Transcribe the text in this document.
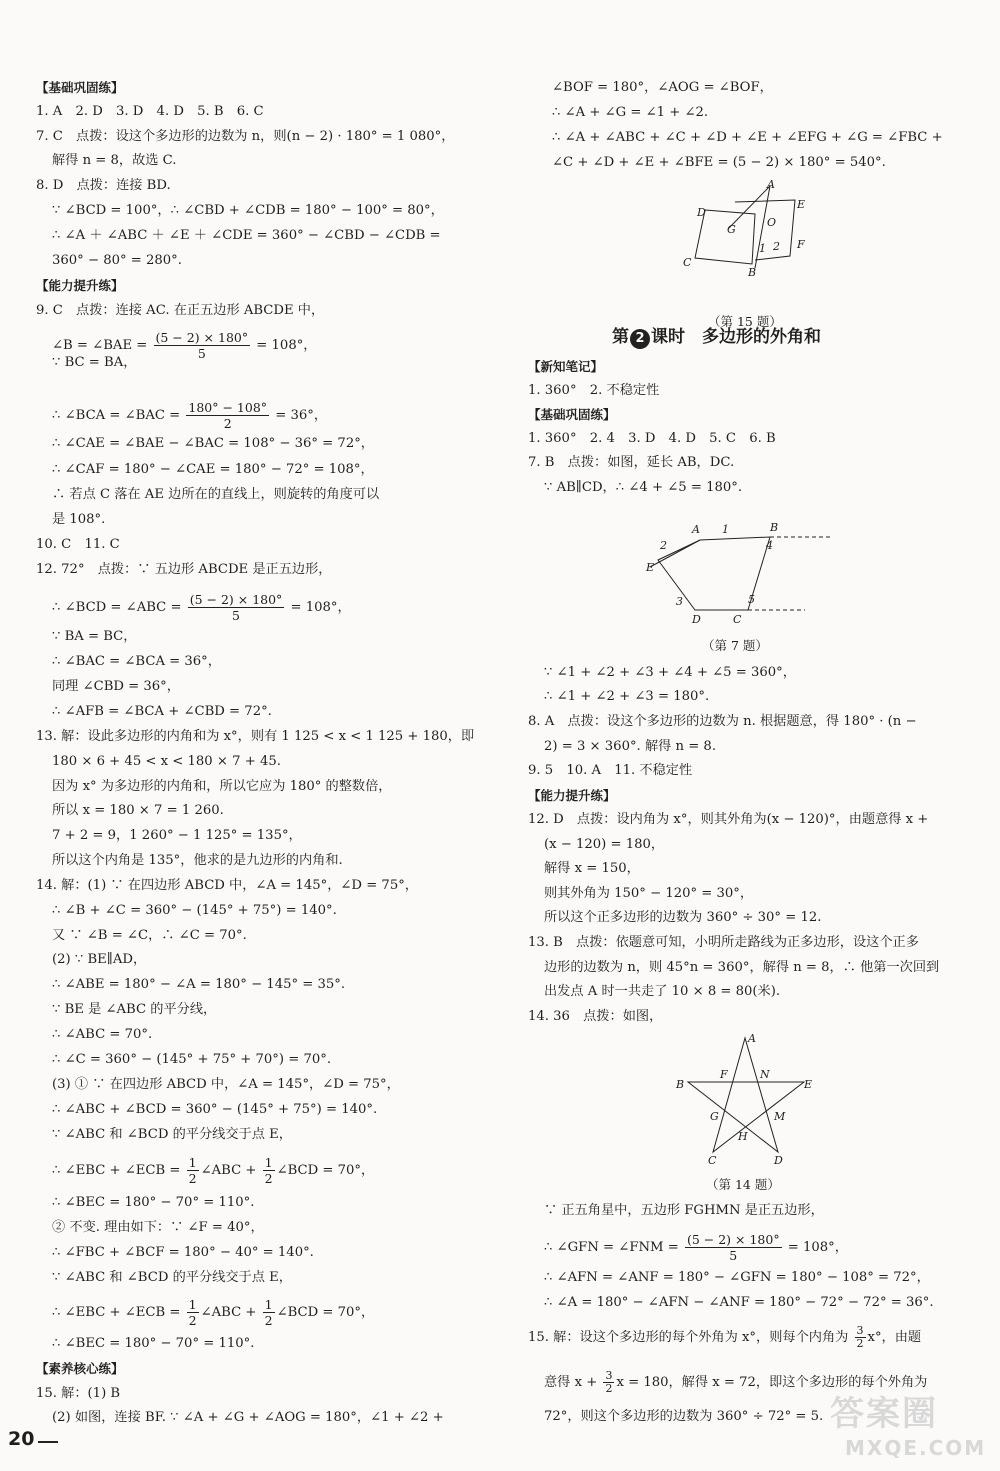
∠B = ∠BAE = $\frac{(5 - 2) \times 180^\circ}{5} = 108^\circ$，
∴ ∠BCA = ∠BAC = $\frac{180^\circ - 108^\circ}{2} = 36^\circ$，
∴ ∠BCD = ∠ABC = $\frac{(5 - 2) \times 180^\circ}{5} = 108^\circ$，
∴ ∠EBC + ∠ECB = $\frac{1}{2}$ ∠ABC + $\frac{1}{2}$ ∠BCD = 70°，
∴ ∠EBC + ∠ECB = $\frac{1}{2}$ ∠ABC + $\frac{1}{2}$ ∠BCD = 70°，
A
D
E
G
O
2
1	F
C
B
（第 15 题）
第 2 课时　多边形的外角和
A 1	B
4
2
E
3
D	C
5
（第 7 题）
A
F	N
B	E
G	M
H
C	D
（第 14 题）
∴ ∠GFN = ∠FNM = $\frac{(5 - 2) \times 180^\circ}{5} = 108^\circ$，
15. 解：设这个多边形的每个外角为 x°，则每个内角为 $\frac{3}{2} x^\circ$，由题
意得 $x + \frac{3}{2}$ x = 180，解得 x = 72，即这个多边形的每个外角为
20
答案圈
MXQE.COM
【基础巩固练】
1. A　2. D　3. D　4. D　5. B　6. C
7. C　点拨：设这个多边形的边数为 n，则(n − 2) · 180° = 1 080°，
解得 n = 8，故选 C.
8. D　点拨：连接 BD.
∵ ∠BCD = 100°，∴ ∠CBD + ∠CDB = 180° − 100° = 80°，
∴ ∠A ＋ ∠ABC ＋ ∠E ＋ ∠CDE = 360° − ∠CBD − ∠CDB =
360° − 80° = 280°.
【能力提升练】
9. C　点拨：连接 AC. 在正五边形 ABCDE 中，
∵ BC = BA，
∴ ∠CAE = ∠BAE − ∠BAC = 108° − 36° = 72°，
∴ ∠CAF = 180° − ∠CAE = 180° − 72° = 108°，
∴ 若点 C 落在 AE 边所在的直线上，则旋转的角度可以
是 108°.
10. C　11. C
12. 72°　点拨：∵ 五边形 ABCDE 是正五边形，
∵ BA = BC，
∴ ∠BAC = ∠BCA = 36°，
同理 ∠CBD = 36°，
∴ ∠AFB = ∠BCA + ∠CBD = 72°.
13. 解：设此多边形的内角和为 x°，则有 1 125 < x < 1 125 + 180，即
180 × 6 + 45 < x < 180 × 7 + 45.
因为 x° 为多边形的内角和，所以它应为 180° 的整数倍，
所以 x = 180 × 7 = 1 260.
7 + 2 = 9，1 260° − 1 125° = 135°，
所以这个内角是 135°，他求的是九边形的内角和.
14. 解：(1) ∵ 在四边形 ABCD 中，∠A = 145°，∠D = 75°，
∴ ∠B + ∠C = 360° − (145° + 75°) = 140°.
又 ∵ ∠B = ∠C，∴ ∠C = 70°.
(2) ∵ BE∥AD，
∴ ∠ABE = 180° − ∠A = 180° − 145° = 35°.
∵ BE 是 ∠ABC 的平分线，
∴ ∠ABC = 70°.
∴ ∠C = 360° − (145° + 75° + 70°) = 70°.
(3) ① ∵ 在四边形 ABCD 中，∠A = 145°，∠D = 75°，
∴ ∠ABC + ∠BCD = 360° − (145° + 75°) = 140°.
∵ ∠ABC 和 ∠BCD 的平分线交于点 E，
∴ ∠BEC = 180° − 70° = 110°.
② 不变. 理由如下：∵ ∠F = 40°，
∴ ∠FBC + ∠BCF = 180° − 40° = 140°.
∵ ∠ABC 和 ∠BCD 的平分线交于点 E，
∴ ∠BEC = 180° − 70° = 110°.
【素养核心练】
15. 解：(1) B
(2) 如图，连接 BF. ∵ ∠A + ∠G + ∠AOG = 180°，∠1 + ∠2 +
∠BOF = 180°，∠AOG = ∠BOF，
∴ ∠A + ∠G = ∠1 + ∠2.
∴ ∠A + ∠ABC + ∠C + ∠D + ∠E + ∠EFG + ∠G = ∠FBC +
∠C + ∠D + ∠E + ∠BFE = (5 − 2) × 180° = 540°.
【新知笔记】
1. 360°　2. 不稳定性
【基础巩固练】
1. 360°　2. 4　3. D　4. D　5. C　6. B
7. B　点拨：如图，延长 AB，DC.
∵ AB∥CD，∴ ∠4 + ∠5 = 180°.
∵ ∠1 + ∠2 + ∠3 + ∠4 + ∠5 = 360°，
∴ ∠1 + ∠2 + ∠3 = 180°.
8. A　点拨：设这个多边形的边数为 n. 根据题意，得 180° · (n −
2) = 3 × 360°. 解得 n = 8.
9. 5　10. A　11. 不稳定性
【能力提升练】
12. D　点拨：设内角为 x°，则其外角为(x − 120)°，由题意得 x +
(x − 120) = 180，
解得 x = 150，
则其外角为 150° − 120° = 30°，
所以这个正多边形的边数为 360° ÷ 30° = 12.
13. B　点拨：依题意可知，小明所走路线为正多边形，设这个正多
边形的边数为 n，则 45°n = 360°，解得 n = 8，∴ 他第一次回到
出发点 A 时一共走了 10 × 8 = 80(米).
14. 36　点拨：如图，
∵ 正五角星中，五边形 FGHMN 是正五边形，
∴ ∠AFN = ∠ANF = 180° − ∠GFN = 180° − 108° = 72°，
∴ ∠A = 180° − ∠AFN − ∠ANF = 180° − 72° − 72° = 36°.
72°，则这个多边形的边数为 360° ÷ 72° = 5.
